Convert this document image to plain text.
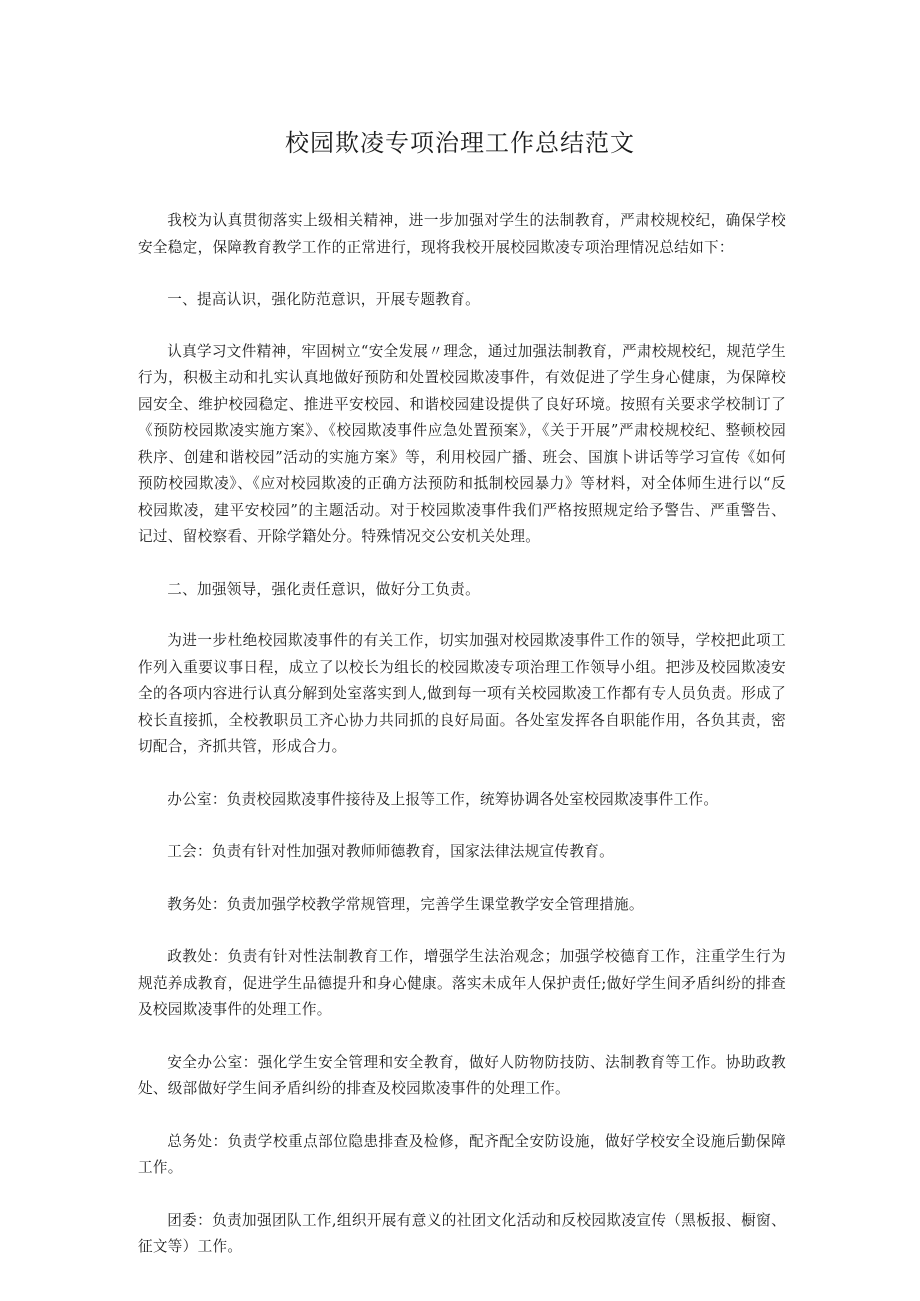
校园欺凌专项治理工作总结范文

我校为认真贯彻落实上级相关精神，进一步加强对学生的法制教育，严肃校规校纪，确保学校安全稳定，保障教育教学工作的正常进行，现将我校开展校园欺凌专项治理情况总结如下：

一、提高认识，强化防范意识，开展专题教育。

认真学习文件精神，牢固树立“安全发展〃理念，通过加强法制教育，严肃校规校纪，规范学生行为，积极主动和扎实认真地做好预防和处置校园欺凌事件，有效促进了学生身心健康，为保障校园安全、维护校园稳定、推进平安校园、和谐校园建设提供了良好环境。按照有关要求学校制订了《预防校园欺凌实施方案》、《校园欺凌事件应急处置预案》，《关于开展”严肃校规校纪、整顿校园秩序、创建和谐校园”活动的实施方案》等，利用校园广播、班会、国旗卜讲话等学习宣传《如何预防校园欺凌》、《应对校园欺凌的正确方法预防和抵制校园暴力》等材料，对全体师生进行以“反校园欺凌，建平安校园”的主题活动。对于校园欺凌事件我们严格按照规定给予警告、严重警告、记过、留校察看、开除学籍处分。特殊情况交公安机关处理。

二、加强领导，强化责任意识，做好分工负责。

为进一步杜绝校园欺凌事件的有关工作，切实加强对校园欺凌事件工作的领导，学校把此项工作列入重要议事日程，成立了以校长为组长的校园欺凌专项治理工作领导小组。把涉及校园欺凌安全的各项内容进行认真分解到处室落实到人,做到每一项有关校园欺凌工作都有专人员负责。形成了校长直接抓，全校教职员工齐心协力共同抓的良好局面。各处室发挥各自职能作用，各负其责，密切配合，齐抓共管，形成合力。

办公室：负责校园欺凌事件接待及上报等工作，统筹协调各处室校园欺凌事件工作。

工会：负责有针对性加强对教师师德教育，国家法律法规宣传教育。

教务处：负责加强学校教学常规管理，完善学生课堂教学安全管理措施。

政教处：负责有针对性法制教育工作，增强学生法治观念；加强学校德育工作，注重学生行为规范养成教育，促进学生品德提升和身心健康。落实未成年人保护责任;做好学生间矛盾纠纷的排查及校园欺凌事件的处理工作。

安全办公室：强化学生安全管理和安全教育，做好人防物防技防、法制教育等工作。协助政教处、级部做好学生间矛盾纠纷的排查及校园欺凌事件的处理工作。

总务处：负责学校重点部位隐患排查及检修，配齐配全安防设施，做好学校安全设施后勤保障工作。

团委：负责加强团队工作,组织开展有意义的社团文化活动和反校园欺凌宣传（黑板报、橱窗、征文等）工作。
